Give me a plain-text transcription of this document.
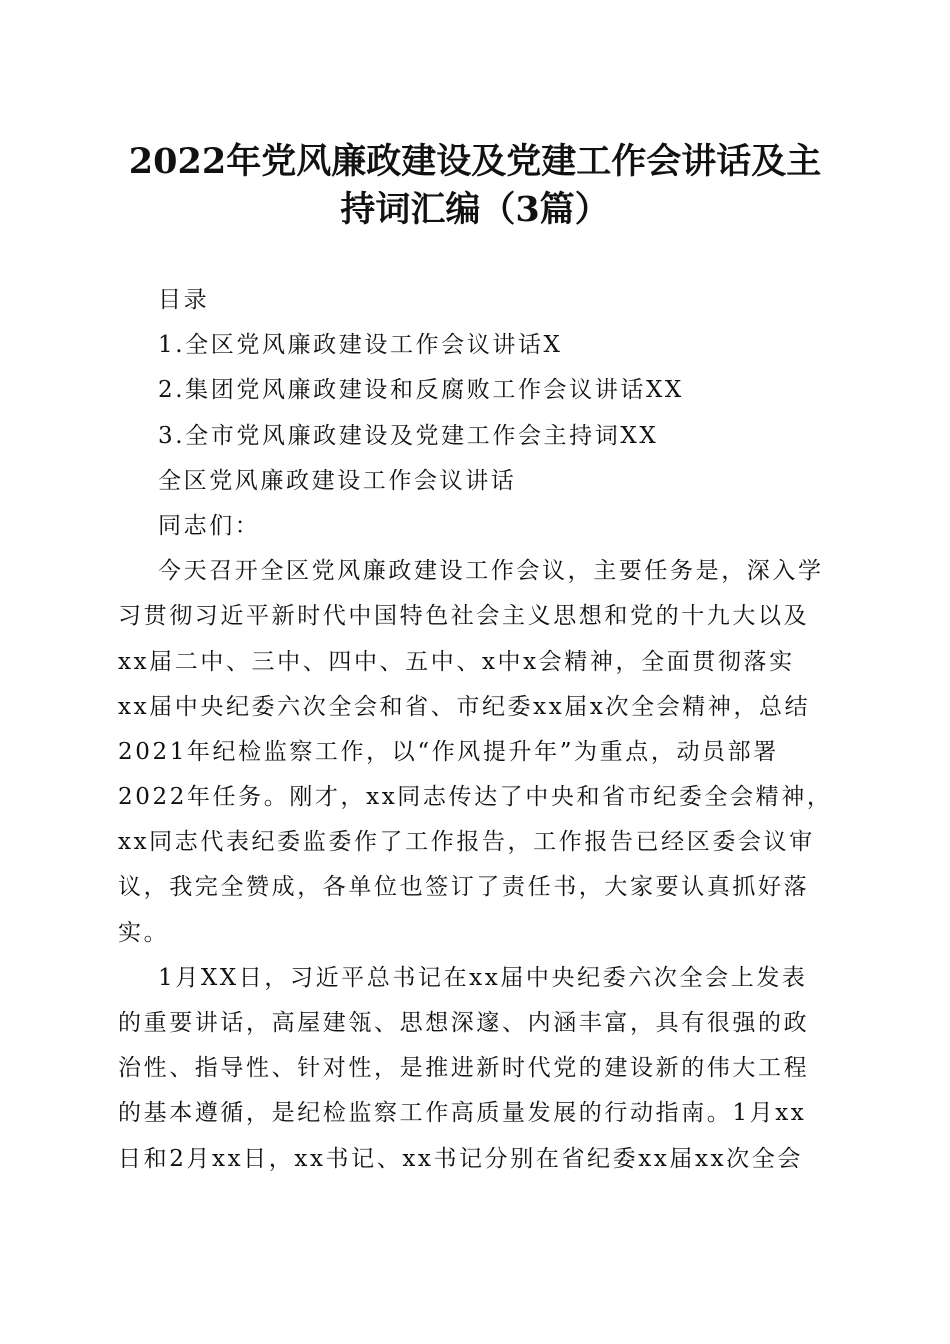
2022年党风廉政建设及党建工作会讲话及主
持词汇编（3篇）
目录
1.全区党风廉政建设工作会议讲话X
2.集团党风廉政建设和反腐败工作会议讲话XX
3.全市党风廉政建设及党建工作会主持词XX
全区党风廉政建设工作会议讲话
同志们：
今天召开全区党风廉政建设工作会议，主要任务是，深入学
习贯彻习近平新时代中国特色社会主义思想和党的十九大以及
xx届二中、三中、四中、五中、x中x会精神，全面贯彻落实
xx届中央纪委六次全会和省、市纪委xx届x次全会精神，总结
2021年纪检监察工作，以“作风提升年”为重点，动员部署
2022年任务。刚才，xx同志传达了中央和省市纪委全会精神，
xx同志代表纪委监委作了工作报告，工作报告已经区委会议审
议，我完全赞成，各单位也签订了责任书，大家要认真抓好落
实。
1月XX日，习近平总书记在xx届中央纪委六次全会上发表
的重要讲话，高屋建瓴、思想深邃、内涵丰富，具有很强的政
治性、指导性、针对性，是推进新时代党的建设新的伟大工程
的基本遵循，是纪检监察工作高质量发展的行动指南。1月xx
日和2月xx日，xx书记、xx书记分别在省纪委xx届xx次全会
